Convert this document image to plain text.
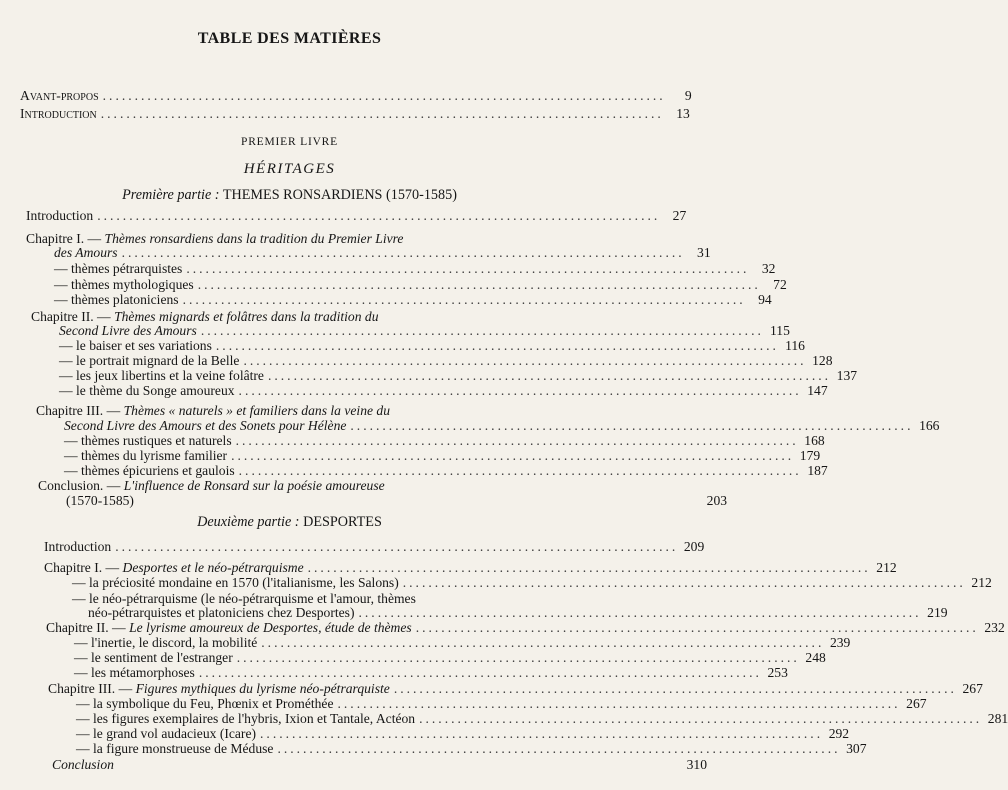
TABLE DES MATIÈRES
Avant-propos ........................................................................................	9
Introduction ........................................................................................ 13
PREMIER LIVRE
HÉRITAGES
Première partie : THEMES RONSARDIENS (1570-1585)
Introduction ........................................................................................ 27
Chapitre I. —
Thèmes ronsardiens dans la tradition du Premier Livre
des Amours ........................................................................................ 31
— thèmes pétrarquistes ........................................................................................ 32
— thèmes mythologiques ........................................................................................ 72
— thèmes platoniciens ........................................................................................ 94
Chapitre II. —
Thèmes mignards et folâtres dans la tradition du
Second Livre des Amours ........................................................................................ 115
— le baiser et ses variations ........................................................................................ 116
— le portrait mignard de la Belle ........................................................................................ 128
— les jeux libertins et la veine folâtre ........................................................................................ 137
— le thème du Songe amoureux ........................................................................................ 147
Chapitre III. —
Thèmes « naturels » et familiers dans la veine du
Second Livre des Amours et des Sonets pour Hélène ........................................................................................ 166
— thèmes rustiques et naturels ........................................................................................ 168
— thèmes du lyrisme familier ........................................................................................ 179
— thèmes épicuriens et gaulois ........................................................................................ 187
Conclusion. —
L'influence de Ronsard sur la poésie amoureuse
(1570-1585)	203
Deuxième partie : DESPORTES
Introduction ........................................................................................ 209
Chapitre I. —
Desportes et le néo-pétrarquisme ........................................................................................ 212
— la préciosité mondaine en 1570 (l'italianisme, les Salons) ........................................................................................ 212
— le néo-pétrarquisme (le néo-pétrarquisme et l'amour, thèmes
néo-pétrarquistes et platoniciens chez Desportes) ........................................................................................ 219
Chapitre II. —
Le lyrisme amoureux de Desportes, étude de thèmes ........................................................................................ 232
— l'inertie, le discord, la mobilité ........................................................................................ 239
— le sentiment de l'estranger ........................................................................................ 248
— les métamorphoses ........................................................................................ 253
Chapitre III. —
Figures mythiques du lyrisme néo-pétrarquiste ........................................................................................ 267
— la symbolique du Feu, Phœnix et Prométhée ........................................................................................ 267
— les figures exemplaires de l'hybris, Ixion et Tantale, Actéon ........................................................................................ 281
— le grand vol audacieux (Icare) ........................................................................................ 292
— la figure monstrueuse de Méduse ........................................................................................ 307
Conclusion	310
